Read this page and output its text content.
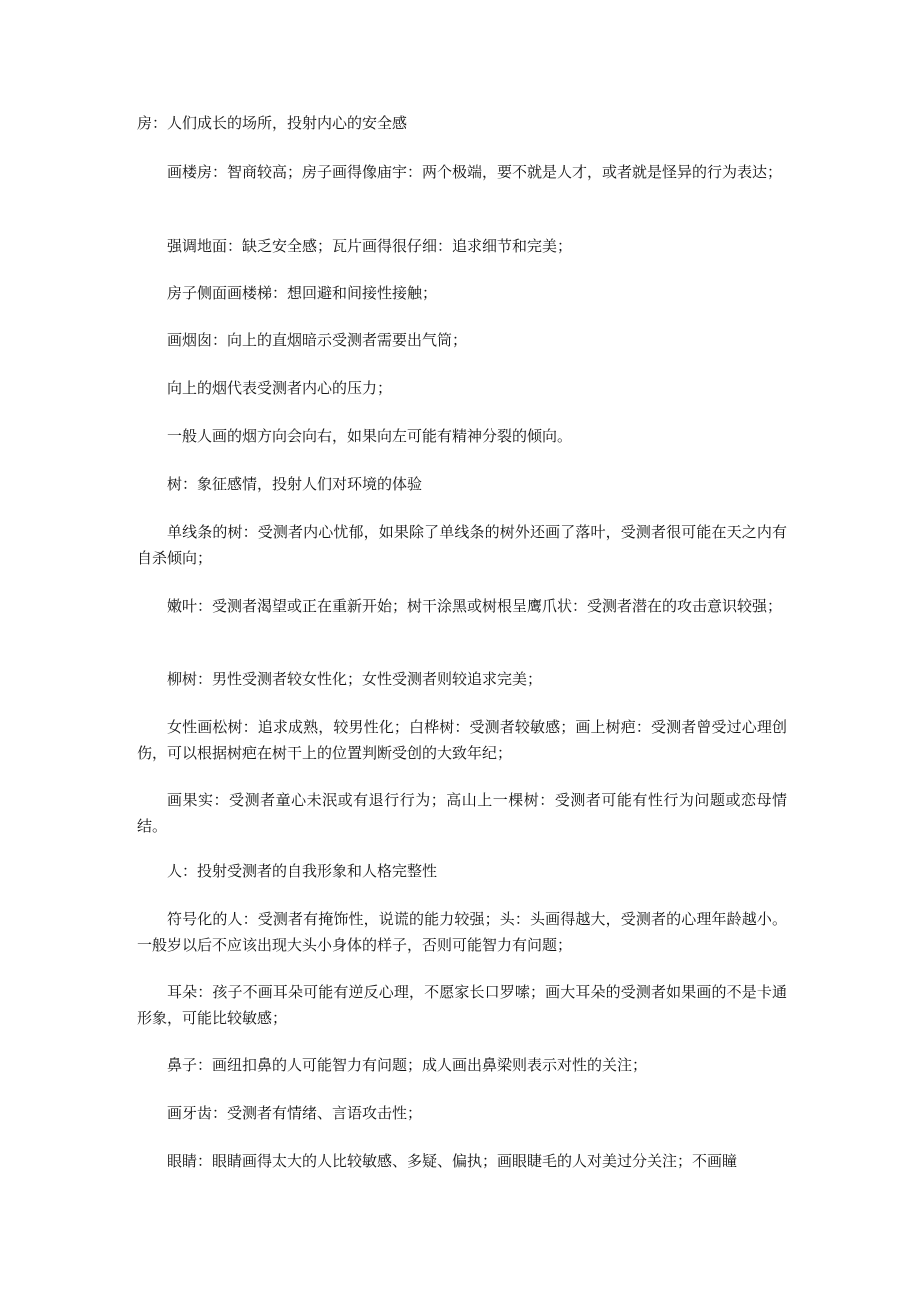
房：人们成长的场所，投射内心的安全感

画楼房：智商较高；房子画得像庙宇：两个极端，要不就是人才，或者就是怪异的行为表达；

强调地面：缺乏安全感；瓦片画得很仔细：追求细节和完美；

房子侧面画楼梯：想回避和间接性接触；

画烟囱：向上的直烟暗示受测者需要出气筒；

向上的烟代表受测者内心的压力；

一般人画的烟方向会向右，如果向左可能有精神分裂的倾向。

树：象征感情，投射人们对环境的体验

单线条的树：受测者内心忧郁，如果除了单线条的树外还画了落叶，受测者很可能在天之内有自杀倾向；

嫩叶：受测者渴望或正在重新开始；树干涂黑或树根呈鹰爪状：受测者潜在的攻击意识较强；

柳树：男性受测者较女性化；女性受测者则较追求完美；

女性画松树：追求成熟，较男性化；白桦树：受测者较敏感；画上树疤：受测者曾受过心理创伤，可以根据树疤在树干上的位置判断受创的大致年纪；

画果实：受测者童心未泯或有退行行为；高山上一棵树：受测者可能有性行为问题或恋母情结。

人：投射受测者的自我形象和人格完整性

符号化的人：受测者有掩饰性，说谎的能力较强；头：头画得越大，受测者的心理年龄越小。一般岁以后不应该出现大头小身体的样子，否则可能智力有问题；

耳朵：孩子不画耳朵可能有逆反心理，不愿家长口罗嗦；画大耳朵的受测者如果画的不是卡通形象，可能比较敏感；

鼻子：画纽扣鼻的人可能智力有问题；成人画出鼻梁则表示对性的关注；

画牙齿：受测者有情绪、言语攻击性；

眼睛：眼睛画得太大的人比较敏感、多疑、偏执；画眼睫毛的人对美过分关注；不画瞳
